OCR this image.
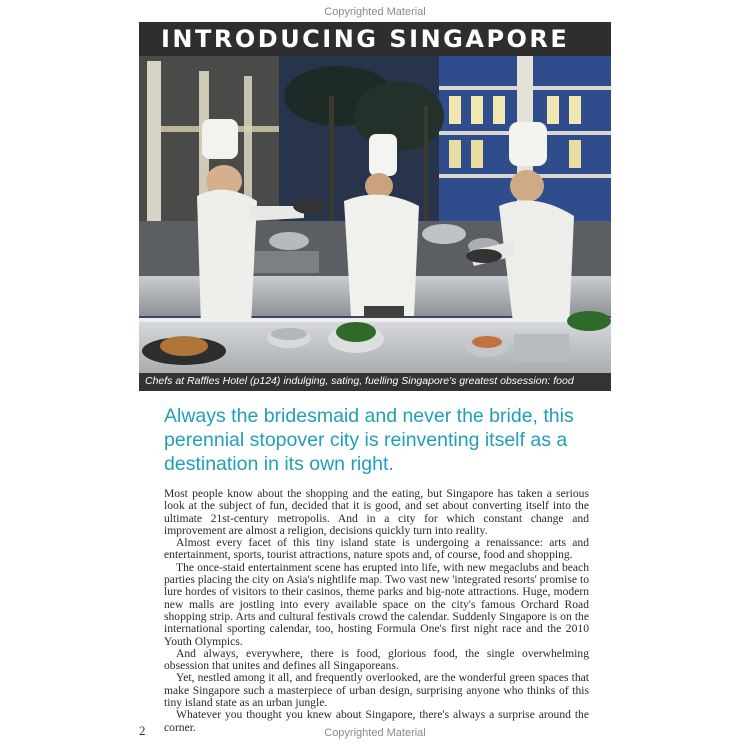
Copyrighted Material
INTRODUCING SINGAPORE
Chefs at Raffles Hotel (p124) indulging, sating, fuelling Singapore's greatest obsession: food
Always the bridesmaid and never the bride, this perennial stopover city is reinventing itself as a destination in its own right.

Most people know about the shopping and the eating, but Singapore has taken a serious look at the subject of fun, decided that it is good, and set about converting itself into the ultimate 21st-century metropolis. And in a city for which constant change and improvement are almost a religion, decisions quickly turn into reality.

Almost every facet of this tiny island state is undergoing a renaissance: arts and entertainment, sports, tourist attractions, nature spots and, of course, food and shopping.

The once-staid entertainment scene has erupted into life, with new megaclubs and beach parties placing the city on Asia's nightlife map. Two vast new 'integrated resorts' promise to lure hordes of visitors to their casinos, theme parks and big-note attractions. Huge, modern new malls are jostling into every available space on the city's famous Orchard Road shopping strip. Arts and cultural festivals crowd the calendar. Suddenly Singapore is on the international sporting calendar, too, hosting Formula One's first night race and the 2010 Youth Olympics.

And always, everywhere, there is food, glorious food, the single overwhelming obsession that unites and defines all Singaporeans.

Yet, nestled among it all, and frequently overlooked, are the wonderful green spaces that make Singapore such a masterpiece of urban design, surprising anyone who thinks of this tiny island state as an urban jungle.

Whatever you thought you knew about Singapore, there's always a surprise around the corner.

2	Copyrighted Material
